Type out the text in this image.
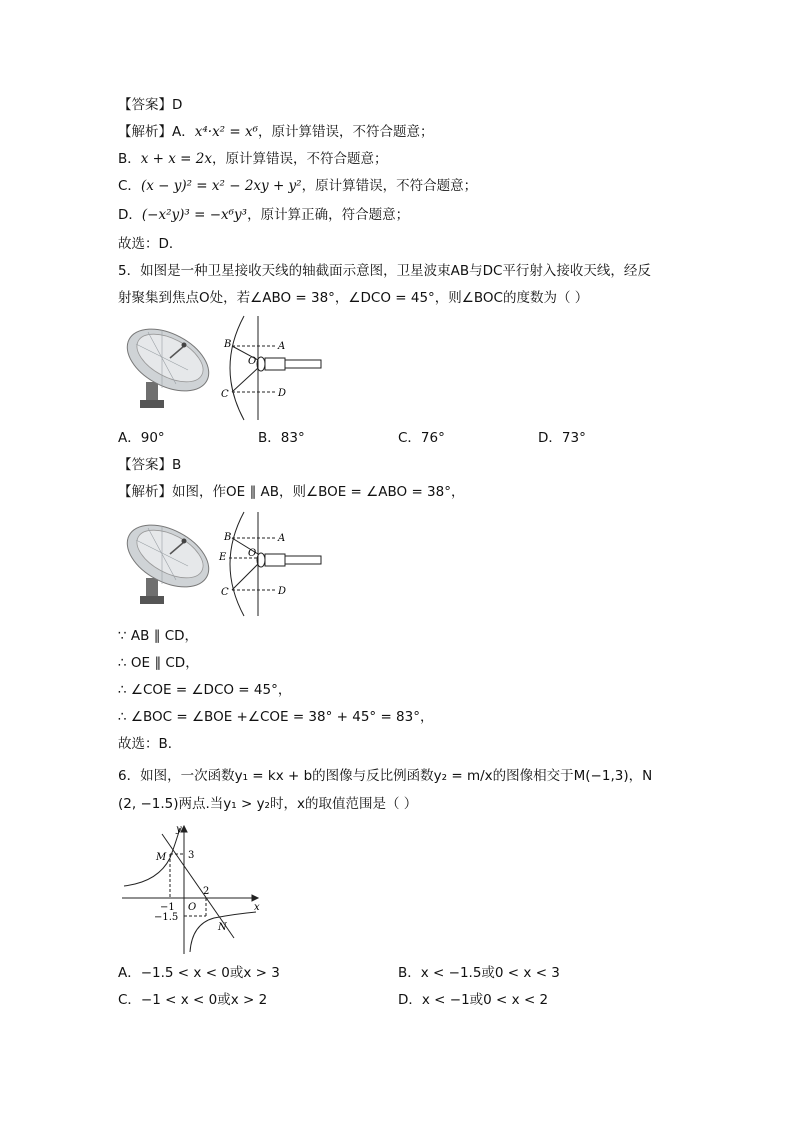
【答案】D
【解析】A．x⁴·x² = x⁶，原计算错误，不符合题意；
B．x + x = 2x，原计算错误，不符合题意；
C．(x − y)² = x² − 2xy + y²，原计算错误，不符合题意；
D．(−x²y)³ = −x⁶y³，原计算正确，符合题意；
故选：D．
5．如图是一种卫星接收天线的轴截面示意图，卫星波束AB与DC平行射入接收天线，经反
射聚集到焦点O处，若∠ABO = 38°，∠DCO = 45°，则∠BOC的度数为（ ）
B	A
O
C	D
A．90°	B．83°	C．76°	D．73°
【答案】B
【解析】如图，作OE ∥ AB，则∠BOE = ∠ABO = 38°，
B	A
E O
C	D
∵ AB ∥ CD，
∴ OE ∥ CD，
∴ ∠COE = ∠DCO = 45°，
∴ ∠BOC = ∠BOE +∠COE = 38° + 45° = 83°，
故选：B．
6．如图，一次函数y₁ = kx + b的图像与反比例函数y₂ = m/x的图像相交于M(−1,3)，N
(2, −1.5)两点.当y₁ > y₂时，x的取值范围是（ ）
y
x
M
N
3
2
−1 O
−1.5
A．−1.5 < x < 0或x > 3	B．x < −1.5或0 < x < 3
C．−1 < x < 0或x > 2	D．x < −1或0 < x < 2
